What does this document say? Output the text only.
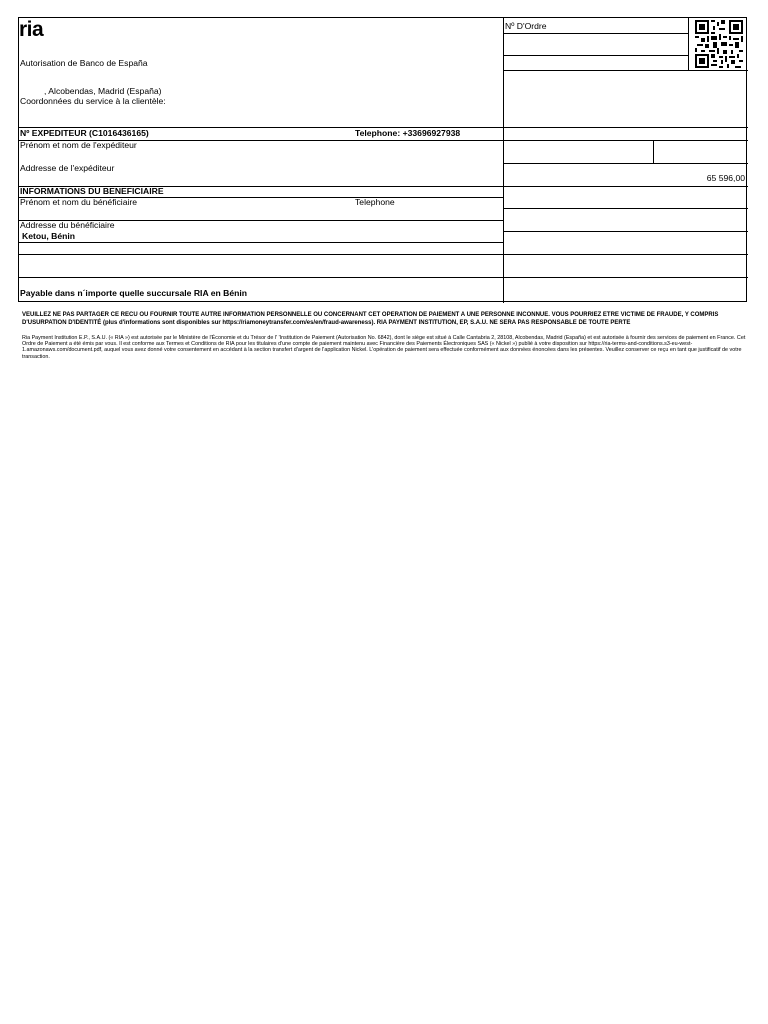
ria
Autorisation de Banco de España
, Alcobendas, Madrid (España)
Coordonnées du service à la clientèle:
Nº D'Ordre
Nº EXPEDITEUR (C1016436165)	Telephone: +33696927938
Prénom et nom de l'expéditeur
Addresse de l'expéditeur
65 596,00
INFORMATIONS DU BENEFICIAIRE
Prénom et nom du bénéficiaire	Telephone
Addresse du bénéficiaire
Ketou, Bénin
Payable dans n´importe quelle succursale RIA en Bénin
VEUILLEZ NE PAS PARTAGER CE RECU OU FOURNIR TOUTE AUTRE INFORMATION PERSONNELLE OU CONCERNANT CET OPERATION DE PAIEMENT A UNE PERSONNE INCONNUE. VOUS POURRIEZ ETRE VICTIME DE FRAUDE, Y COMPRIS D'USURPATION D'IDENTITÉ (plus d'informations sont disponibles sur https://riamoneytransfer.com/es/en/fraud-awareness). RIA PAYMENT INSTITUTION, EP, S.A.U. NE SERA PAS RESPONSABLE DE TOUTE PERTE
Ria Payment Institution E.P., S.A.U. (« RIA ») est autorisée par le Ministère de l'Économie et du Trésor de l' 'Institution de Paiement (Autorisation No. 6842), dont le siège est situé à Calle Cantabria 2, 28108, Alcobendas, Madrid (España) et est autorisée à fournir des services de paiement en France. Cet Ordre de Paiement a été émis par vous. Il est conforme aux Termes et Conditions de RIA pour les titulaires d'une compte de paiement maintenu avec Financière des Paiements Électroniques SAS (« Nickel ») publié à votre disposition sur https://ria-terms-and-conditions.s3-eu-west-1.amazonaws.com/document.pdf, auquel vous avez donné votre consentement en accédant à la section transfert d'argent de l'application Nickel. L'opération de paiement sera effectuée conformément aux données énoncées dans les présentes. Veuillez conserver ce reçu en tant que justificatif de votre transaction.
